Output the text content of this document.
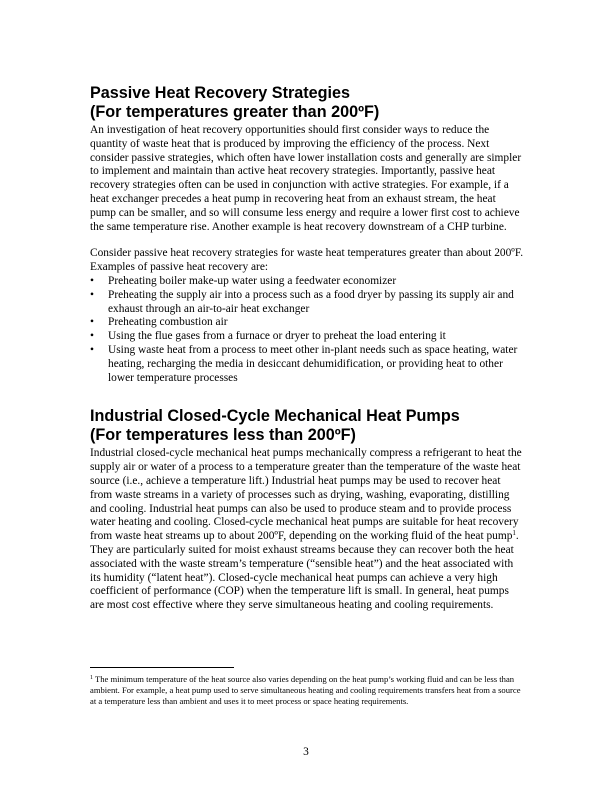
Passive Heat Recovery Strategies
(For temperatures greater than 200ºF)

An investigation of heat recovery opportunities should first consider ways to reduce the quantity of waste heat that is produced by improving the efficiency of the process. Next consider passive strategies, which often have lower installation costs and generally are simpler to implement and maintain than active heat recovery strategies. Importantly, passive heat recovery strategies often can be used in conjunction with active strategies. For example, if a heat exchanger precedes a heat pump in recovering heat from an exhaust stream, the heat pump can be smaller, and so will consume less energy and require a lower first cost to achieve the same temperature rise. Another example is heat recovery downstream of a CHP turbine.

Consider passive heat recovery strategies for waste heat temperatures greater than about 200ºF. Examples of passive heat recovery are:

• Preheating boiler make-up water using a feedwater economizer
• Preheating the supply air into a process such as a food dryer by passing its supply air and exhaust through an air-to-air heat exchanger
• Preheating combustion air
• Using the flue gases from a furnace or dryer to preheat the load entering it
• Using waste heat from a process to meet other in-plant needs such as space heating, water heating, recharging the media in desiccant dehumidification, or providing heat to other lower temperature processes
Industrial Closed-Cycle Mechanical Heat Pumps
(For temperatures less than 200ºF)

Industrial closed-cycle mechanical heat pumps mechanically compress a refrigerant to heat the supply air or water of a process to a temperature greater than the temperature of the waste heat source (i.e., achieve a temperature lift.) Industrial heat pumps may be used to recover heat from waste streams in a variety of processes such as drying, washing, evaporating, distilling and cooling. Industrial heat pumps can also be used to produce steam and to provide process water heating and cooling. Closed-cycle mechanical heat pumps are suitable for heat recovery from waste heat streams up to about 200ºF, depending on the working fluid of the heat pump$^1$. They are particularly suited for moist exhaust streams because they can recover both the heat associated with the waste stream’s temperature (“sensible heat”) and the heat associated with its humidity (“latent heat”). Closed-cycle mechanical heat pumps can achieve a very high coefficient of performance (COP) when the temperature lift is small. In general, heat pumps are most cost effective where they serve simultaneous heating and cooling requirements.

$^1$ The minimum temperature of the heat source also varies depending on the heat pump’s working fluid and can be less than ambient. For example, a heat pump used to serve simultaneous heating and cooling requirements transfers heat from a source at a temperature less than ambient and uses it to meet process or space heating requirements.
3
